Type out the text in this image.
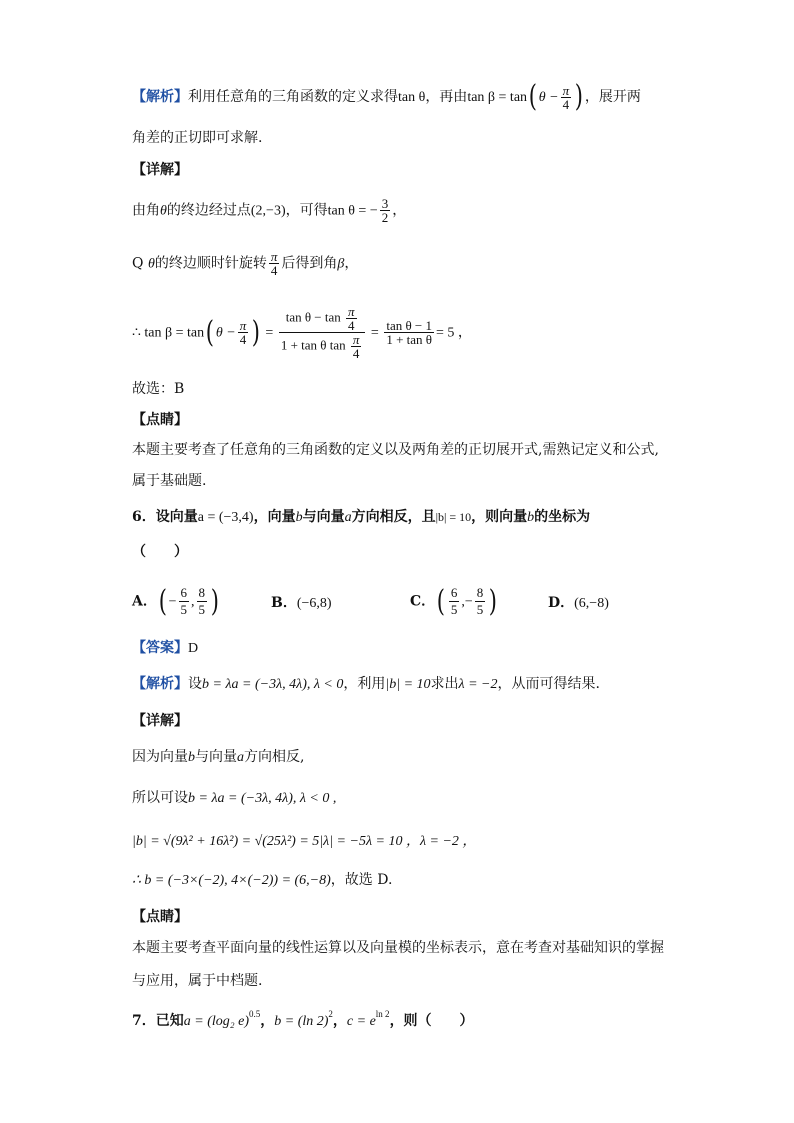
【解析】利用任意角的三角函数的定义求得tan θ，再由tan β = tan( $\theta - \frac{\pi}{4}$ ) ，展开两
角差的正切即可求解.
【详解】
由角θ的终边经过点(2,−3)，可得tan θ = − $\frac{3}{2}$ ，
Q θ的终边顺时针旋转 $\frac{\pi}{4}$ 后得到角β，
∴ tan β = tan( $\theta - \frac{\pi}{4}$ ) = $\frac{\tan \theta - \tan \frac{\pi}{4}}{1 + \tan \theta \tan \frac{\pi}{4}} = \frac{\text{tan θ − 1}}{\text{1 + tan θ}} = 5$ ，
故选：B
【点睛】
本题主要考查了任意角的三角函数的定义以及两角差的正切展开式,需熟记定义和公式,
属于基础题.
6．设向量a = (−3,4)，向量b与向量a方向相反，且|b| = 10，则向量b的坐标为
（　　）
A．( − $\frac{6}{5}$ , $\frac{8}{5}$ )	B．(−6,8)	C．( $\frac{6}{5}$ ,− $\frac{8}{5}$ )	D．(6,−8)
【答案】D
【解析】设b = λa = (−3λ, 4λ), λ < 0，利用|b| = 10求出λ = −2，从而可得结果.
【详解】
因为向量b与向量a方向相反,
所以可设b = λa = (−3λ, 4λ), λ < 0 ,
|b| = √(9λ² + 16λ²) = √(25λ²) = 5|λ| = −5λ = 10 ，λ = −2 ，
∴ b = (−3×(−2), 4×(−2)) = (6,−8)，故选 D.
【点睛】
本题主要考查平面向量的线性运算以及向量模的坐标表示，意在考查对基础知识的掌握
与应用，属于中档题.
7．已知a = (log₂ e)$^{0.5}$，b = (ln 2)$^2$，$c = e^{ln 2}$，则（　　）
